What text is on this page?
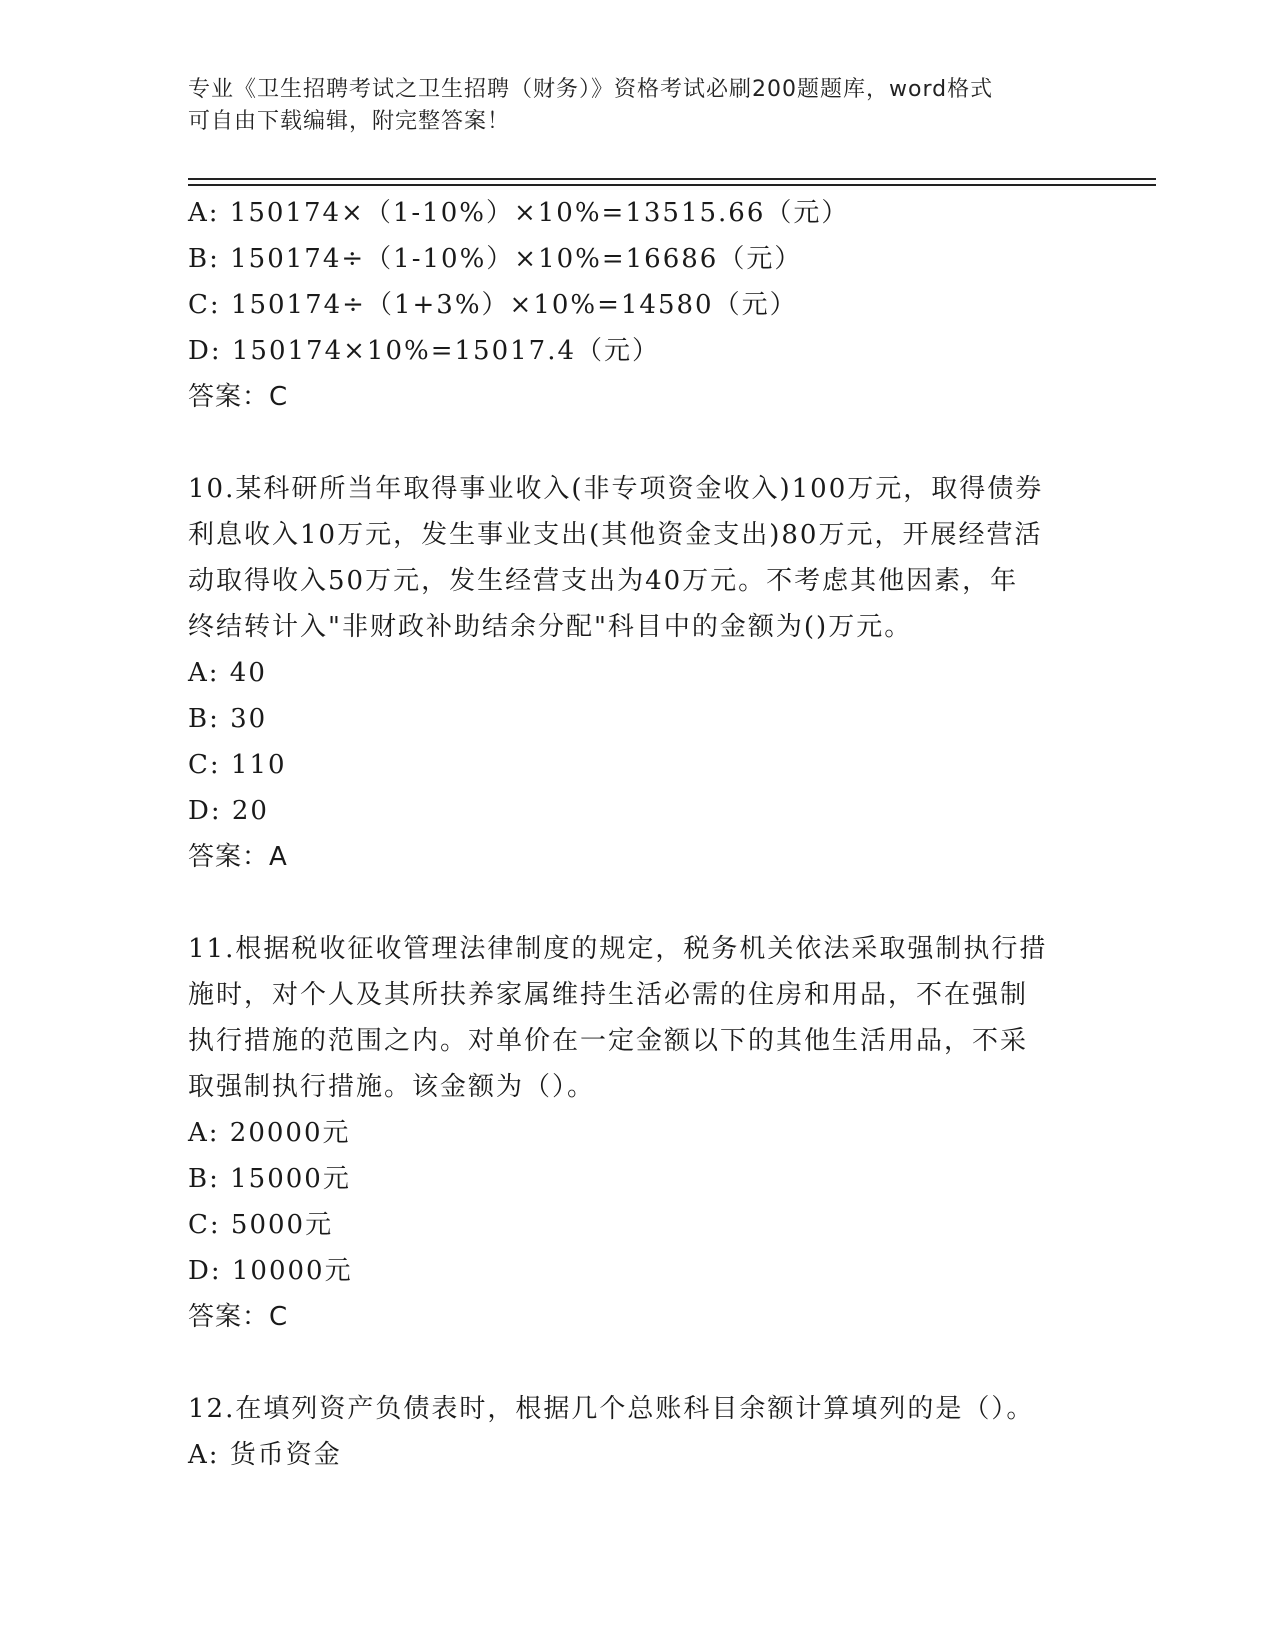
专业《卫生招聘考试之卫生招聘（财务）》资格考试必刷200题题库，word格式
可自由下载编辑，附完整答案！
A: 150174×（1-10%）×10%=13515.66（元）
B: 150174÷（1-10%）×10%=16686（元）
C: 150174÷（1+3%）×10%=14580（元）
D: 150174×10%=15017.4（元）
答案：C
10.某科研所当年取得事业收入(非专项资金收入)100万元，取得债券
利息收入10万元，发生事业支出(其他资金支出)80万元，开展经营活
动取得收入50万元，发生经营支出为40万元。不考虑其他因素，年
终结转计入"非财政补助结余分配"科目中的金额为()万元。
A: 40
B: 30
C: 110
D: 20
答案：A
11.根据税收征收管理法律制度的规定，税务机关依法采取强制执行措
施时，对个人及其所扶养家属维持生活必需的住房和用品，不在强制
执行措施的范围之内。对单价在一定金额以下的其他生活用品，不采
取强制执行措施。该金额为（）。
A: 20000元
B: 15000元
C: 5000元
D: 10000元
答案：C
12.在填列资产负债表时，根据几个总账科目余额计算填列的是（）。
A: 货币资金
